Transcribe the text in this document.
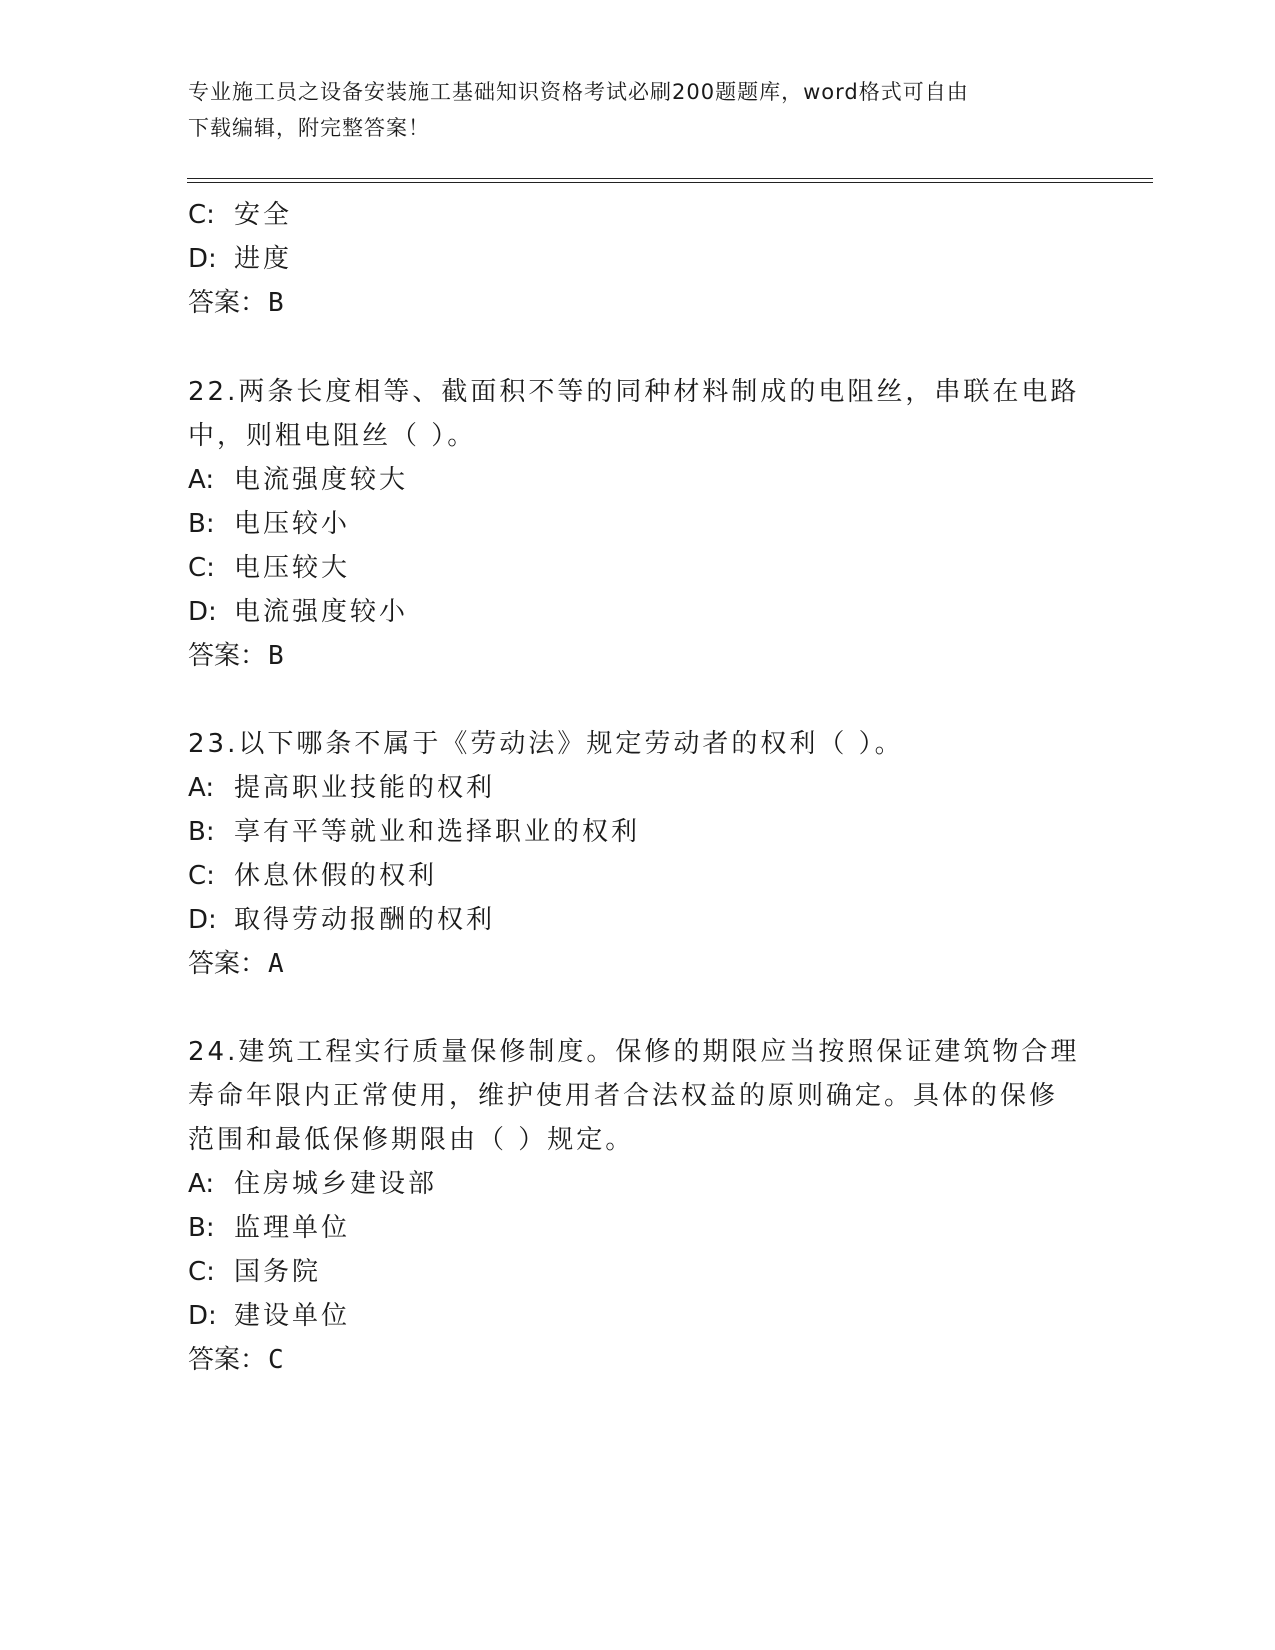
专业施工员之设备安装施工基础知识资格考试必刷200题题库，word格式可自由
下载编辑，附完整答案！
C: 安全
D: 进度
答案：B
22.两条长度相等、截面积不等的同种材料制成的电阻丝，串联在电路
中，则粗电阻丝（ ）。
A: 电流强度较大
B: 电压较小
C: 电压较大
D: 电流强度较小
答案：B
23.以下哪条不属于《劳动法》规定劳动者的权利（ ）。
A: 提高职业技能的权利
B: 享有平等就业和选择职业的权利
C: 休息休假的权利
D: 取得劳动报酬的权利
答案：A
24.建筑工程实行质量保修制度。保修的期限应当按照保证建筑物合理
寿命年限内正常使用，维护使用者合法权益的原则确定。具体的保修
范围和最低保修期限由（ ）规定。
A: 住房城乡建设部
B: 监理单位
C: 国务院
D: 建设单位
答案：C
